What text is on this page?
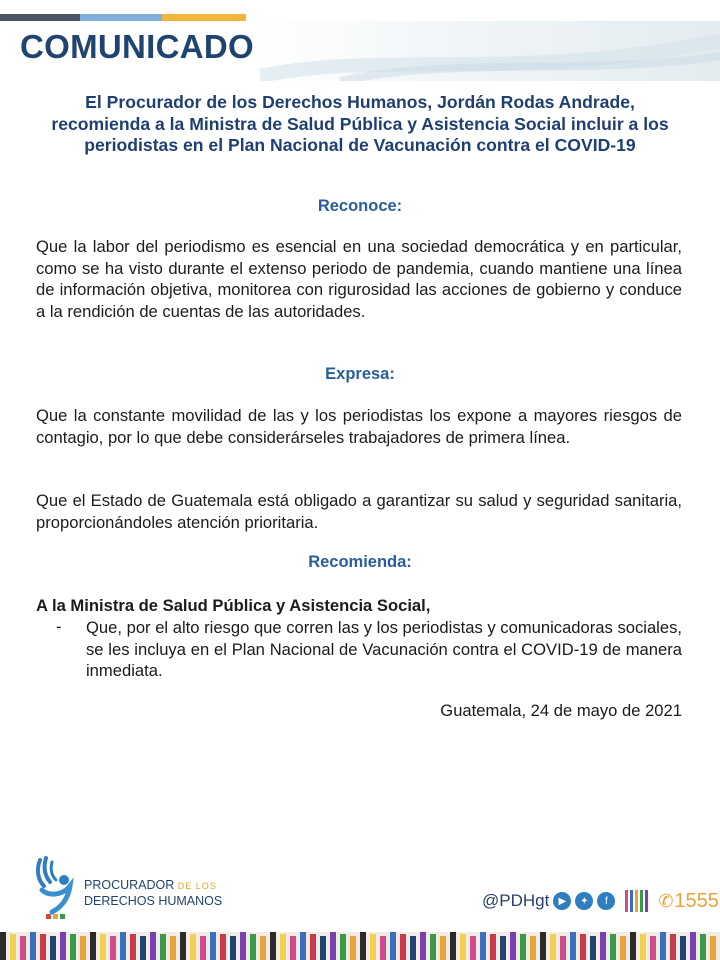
COMUNICADO
El Procurador de los Derechos Humanos, Jordán Rodas Andrade, recomienda a la Ministra de Salud Pública y Asistencia Social incluir a los periodistas en el Plan Nacional de Vacunación contra el COVID-19
Reconoce:
Que la labor del periodismo es esencial en una sociedad democrática y en particular, como se ha visto durante el extenso periodo de pandemia, cuando mantiene una línea de información objetiva, monitorea con rigurosidad las acciones de gobierno y conduce a la rendición de cuentas de las autoridades.
Expresa:
Que la constante movilidad de las y los periodistas los expone a mayores riesgos de contagio, por lo que debe considerárseles trabajadores de primera línea.
Que el Estado de Guatemala está obligado a garantizar su salud y seguridad sanitaria, proporcionándoles atención prioritaria.
Recomienda:
A la Ministra de Salud Pública y Asistencia Social,
- Que, por el alto riesgo que corren las y los periodistas y comunicadoras sociales, se les incluya en el Plan Nacional de Vacunación contra el COVID-19 de manera inmediata.
Guatemala, 24 de mayo de 2021
PROCURADOR DE LOS
DERECHOS HUMANOS	@PDHgt ▶	✦	f	✆ 1555
